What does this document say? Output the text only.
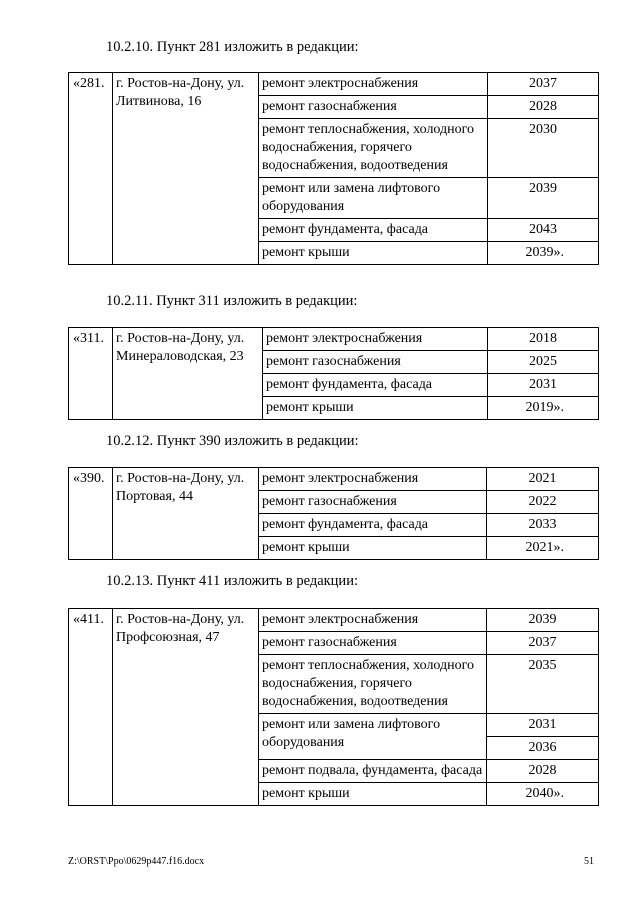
10.2.10. Пункт 281 изложить в редакции:
«281.	г. Ростов-на-Дону, ул. Литвинова, 16	ремонт электроснабжения	2037
		ремонт газоснабжения	2028
		ремонт теплоснабжения, холодного водоснабжения, горячего водоснабжения, водоотведения	2030
		ремонт или замена лифтового оборудования	2039
		ремонт фундамента, фасада	2043
		ремонт крыши	2039».
10.2.11. Пункт 311 изложить в редакции:
«311.	г. Ростов-на-Дону, ул. Минераловодская, 23	ремонт электроснабжения	2018
		ремонт газоснабжения	2025
		ремонт фундамента, фасада	2031
		ремонт крыши	2019».
10.2.12. Пункт 390 изложить в редакции:
«390.	г. Ростов-на-Дону, ул. Портовая, 44	ремонт электроснабжения	2021
		ремонт газоснабжения	2022
		ремонт фундамента, фасада	2033
		ремонт крыши	2021».
10.2.13. Пункт 411 изложить в редакции:
«411.	г. Ростов-на-Дону, ул. Профсоюзная, 47	ремонт электроснабжения	2039
		ремонт газоснабжения	2037
		ремонт теплоснабжения, холодного водоснабжения, горячего водоснабжения, водоотведения	2035
		ремонт или замена лифтового оборудования	2031
			2036
		ремонт подвала, фундамента, фасада	2028
		ремонт крыши	2040».
Z:\ORST\Ppo\0629p447.f16.docx	51
